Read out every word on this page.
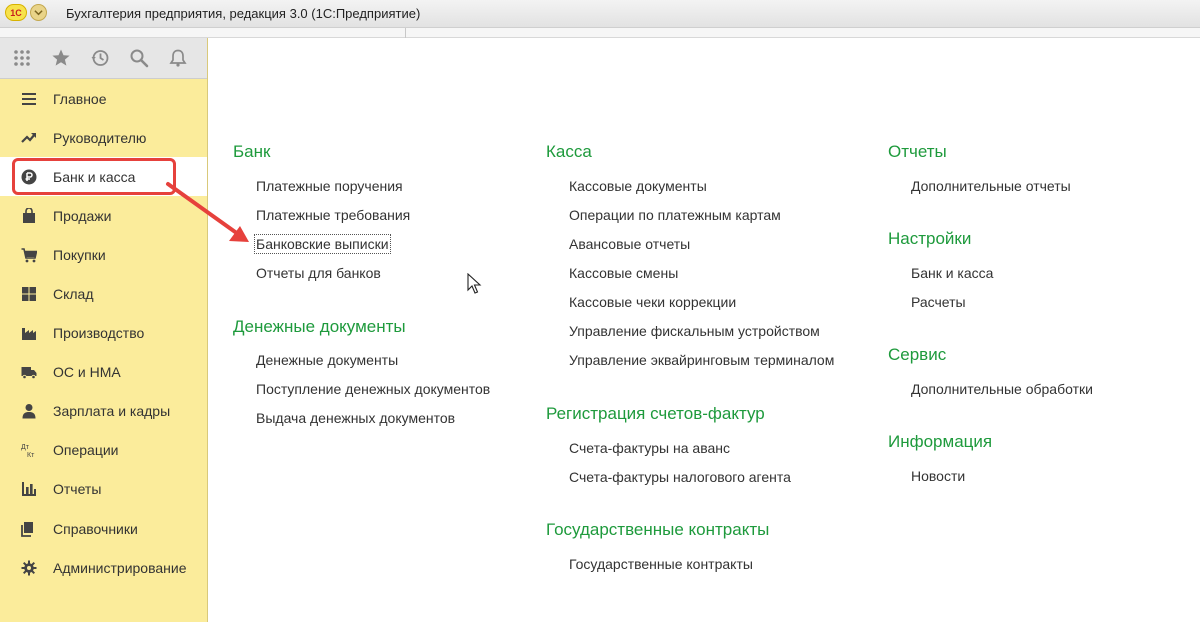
1С	Бухгалтерия предприятия, редакция 3.0 (1С:Предприятие)
Главное
Руководителю
Банк и касса
Продажи
Покупки
Склад
Производство
ОС и НМА
Зарплата и кадры
Дт
Кт Операции
Отчеты
Справочники
Администрирование
Банк
Платежные поручения
Платежные требования
Банковские выписки
Отчеты для банков
Денежные документы
Денежные документы
Поступление денежных документов
Выдача денежных документов
Касса
Кассовые документы
Операции по платежным картам
Авансовые отчеты
Кассовые смены
Кассовые чеки коррекции
Управление фискальным устройством
Управление эквайринговым терминалом
Регистрация счетов-фактур
Счета-фактуры на аванс
Счета-фактуры налогового агента
Государственные контракты
Государственные контракты
Отчеты
Дополнительные отчеты
Настройки
Банк и касса
Расчеты
Сервис
Дополнительные обработки
Информация
Новости
